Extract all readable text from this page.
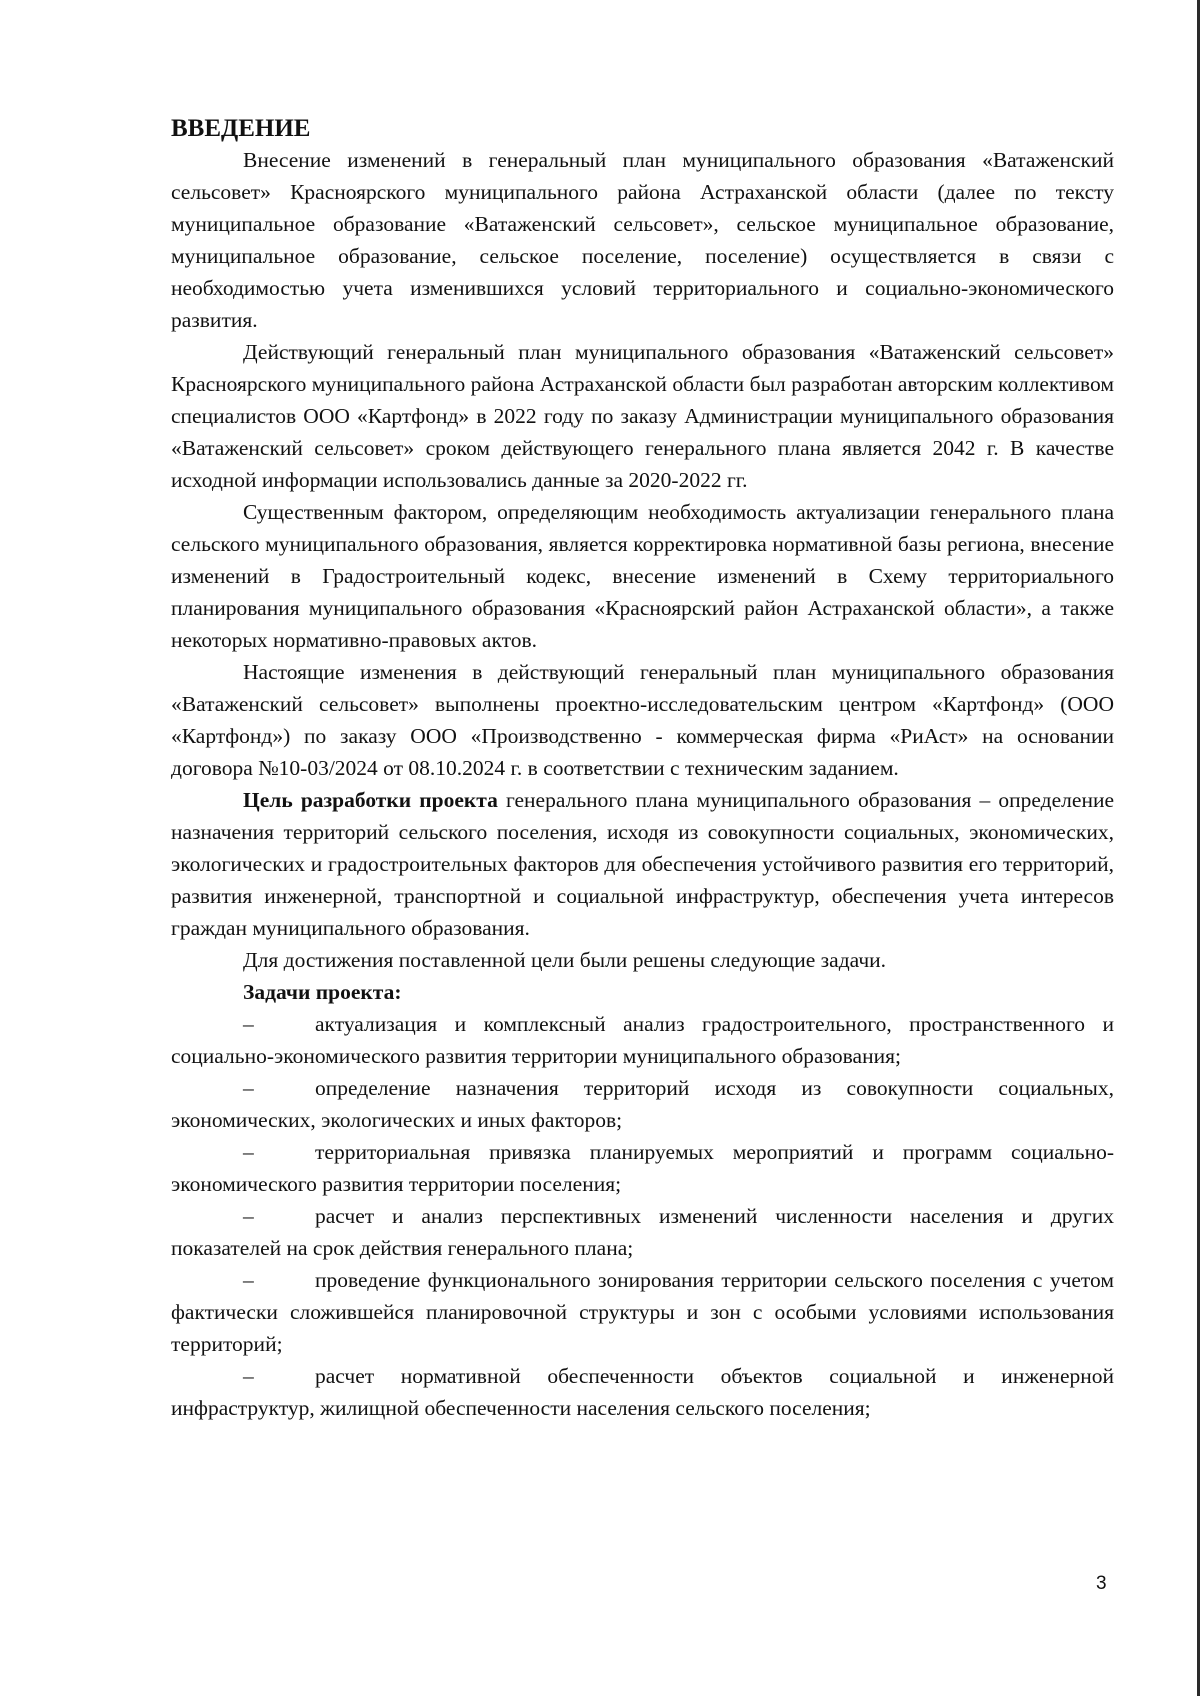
ВВЕДЕНИЕ

Внесение изменений в генеральный план муниципального образования «Ватаженский сельсовет» Красноярского муниципального района Астраханской области (далее по тексту муниципальное образование «Ватаженский сельсовет», сельское муниципальное образование, муниципальное образование, сельское поселение, поселение) осуществляется в связи с необходимостью учета изменившихся условий территориального и социально-экономического развития.

Действующий генеральный план муниципального образования «Ватаженский сельсовет» Красноярского муниципального района Астраханской области был разработан авторским коллективом специалистов ООО «Картфонд» в 2022 году по заказу Администрации муниципального образования «Ватаженский сельсовет» сроком действующего генерального плана является 2042 г. В качестве исходной информации использовались данные за 2020-2022 гг.

Существенным фактором, определяющим необходимость актуализации генерального плана сельского муниципального образования, является корректировка нормативной базы региона, внесение изменений в Градостроительный кодекс, внесение изменений в Схему территориального планирования муниципального образования «Красноярский район Астраханской области», а также некоторых нормативно-правовых актов.

Настоящие изменения в действующий генеральный план муниципального образования «Ватаженский сельсовет» выполнены проектно-исследовательским центром «Картфонд» (ООО «Картфонд») по заказу ООО «Производственно - коммерческая фирма «РиАст» на основании договора №10-03/2024 от 08.10.2024 г. в соответствии с техническим заданием.

Цель разработки проекта генерального плана муниципального образования – определение назначения территорий сельского поселения, исходя из совокупности социальных, экономических, экологических и градостроительных факторов для обеспечения устойчивого развития его территорий, развития инженерной, транспортной и социальной инфраструктур, обеспечения учета интересов граждан муниципального образования.

Для достижения поставленной цели были решены следующие задачи.

Задачи проекта:

–	актуализация и комплексный анализ градостроительного, пространственного и социально-экономического развития территории муниципального образования;

–	определение назначения территорий исходя из совокупности социальных, экономических, экологических и иных факторов;

–	территориальная привязка планируемых мероприятий и программ социально-экономического развития территории поселения;

–	расчет и анализ перспективных изменений численности населения и других показателей на срок действия генерального плана;

–	проведение функционального зонирования территории сельского поселения с учетом фактически сложившейся планировочной структуры и зон с особыми условиями использования территорий;

–	расчет нормативной обеспеченности объектов социальной и инженерной инфраструктур, жилищной обеспеченности населения сельского поселения;

3
